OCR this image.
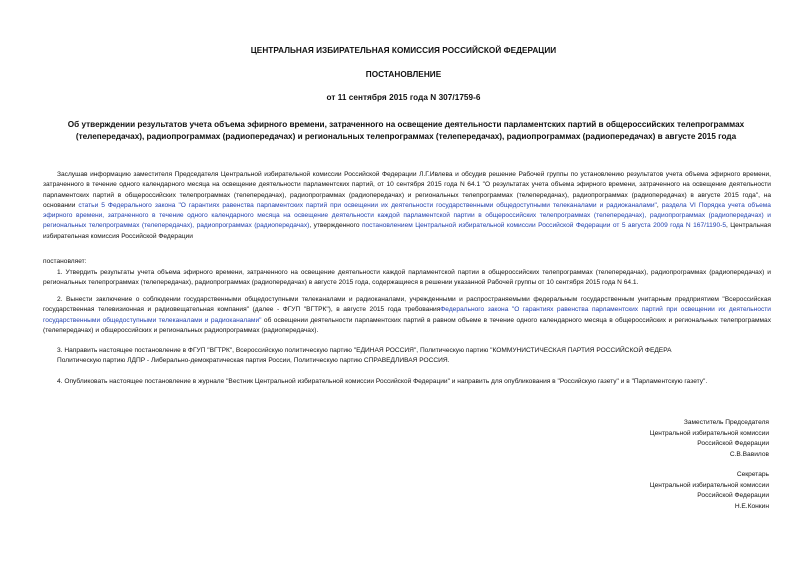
ЦЕНТРАЛЬНАЯ ИЗБИРАТЕЛЬНАЯ КОМИССИЯ РОССИЙСКОЙ ФЕДЕРАЦИИ
ПОСТАНОВЛЕНИЕ
от 11 сентября 2015 года N 307/1759-6
Об утверждении результатов учета объема эфирного времени, затраченного на освещение деятельности парламентских партий в общероссийских телепрограммах (телепередачах), радиопрограммах (радиопередачах) и региональных телепрограммах (телепередачах), радиопрограммах (радиопередачах) в августе 2015 года
Заслушав информацию заместителя Председателя Центральной избирательной комиссии Российской Федерации Л.Г.Ивлева и обсудив решение Рабочей группы по установлению результатов учета объема эфирного времени, затраченного в течение одного календарного месяца на освещение деятельности парламентских партий, от 10 сентября 2015 года N 64.1 "О результатах учета объема эфирного времени, затраченного на освещение деятельности парламентских партий в общероссийских телепрограммах (телепередачах), радиопрограммах (радиопередачах) и региональных телепрограммах (телепередачах), радиопрограммах (радиопередачах) в августе 2015 года", на основании статьи 5 Федерального закона "О гарантиях равенства парламентских партий при освещении их деятельности государственными общедоступными телеканалами и радиоканалами", раздела VI Порядка учета объема эфирного времени, затраченного в течение одного календарного месяца на освещение деятельности каждой парламентской партии в общероссийских телепрограммах (телепередачах), радиопрограммах (радиопередачах) и региональных телепрограммах (телепередачах), радиопрограммах (радиопередачах), утвержденного постановлением Центральной избирательной комиссии Российской Федерации от 5 августа 2009 года N 167/1190-5, Центральная избирательная комиссия Российской Федерации
постановляет:
1. Утвердить результаты учета объема эфирного времени, затраченного на освещение деятельности каждой парламентской партии в общероссийских телепрограммах (телепередачах), радиопрограммах (радиопередачах) и региональных телепрограммах (телепередачах), радиопрограммах (радиопередачах) в августе 2015 года, содержащиеся в решении указанной Рабочей группы от 10 сентября 2015 года N 64.1.
2. Вынести заключение о соблюдении государственными общедоступными телеканалами и радиоканалами, учрежденными и распространяемыми федеральным государственным унитарным предприятием "Всероссийская государственная телевизионная и радиовещательная компания" (далее - ФГУП "ВГТРК"), в августе 2015 года требованияФедерального закона "О гарантиях равенства парламентских партий при освещении их деятельности государственными общедоступными телеканалами и радиоканалами" об освещении деятельности парламентских партий в равном объеме в течение одного календарного месяца в общероссийских и региональных телепрограммах (телепередачах) и общероссийских и региональных радиопрограммах (радиопередачах).
3. Направить настоящее постановление в ФГУП "ВГТРК", Всероссийскую политическую партию "ЕДИНАЯ РОССИЯ", Политическую партию "КОММУНИСТИЧЕСКАЯ ПАРТИЯ РОССИЙСКОЙ ФЕДЕРА
Политическую партию ЛДПР - Либерально-демократическая партия России, Политическую партию СПРАВЕДЛИВАЯ РОССИЯ.
4. Опубликовать настоящее постановление в журнале "Вестник Центральной избирательной комиссии Российской Федерации" и направить для опубликования в "Российскую газету" и в "Парламентскую газету".
Заместитель Председателя
Центральной избирательной комиссии
Российской Федерации
С.В.Вавилов
Секретарь
Центральной избирательной комиссии
Российской Федерации
Н.Е.Конкин
